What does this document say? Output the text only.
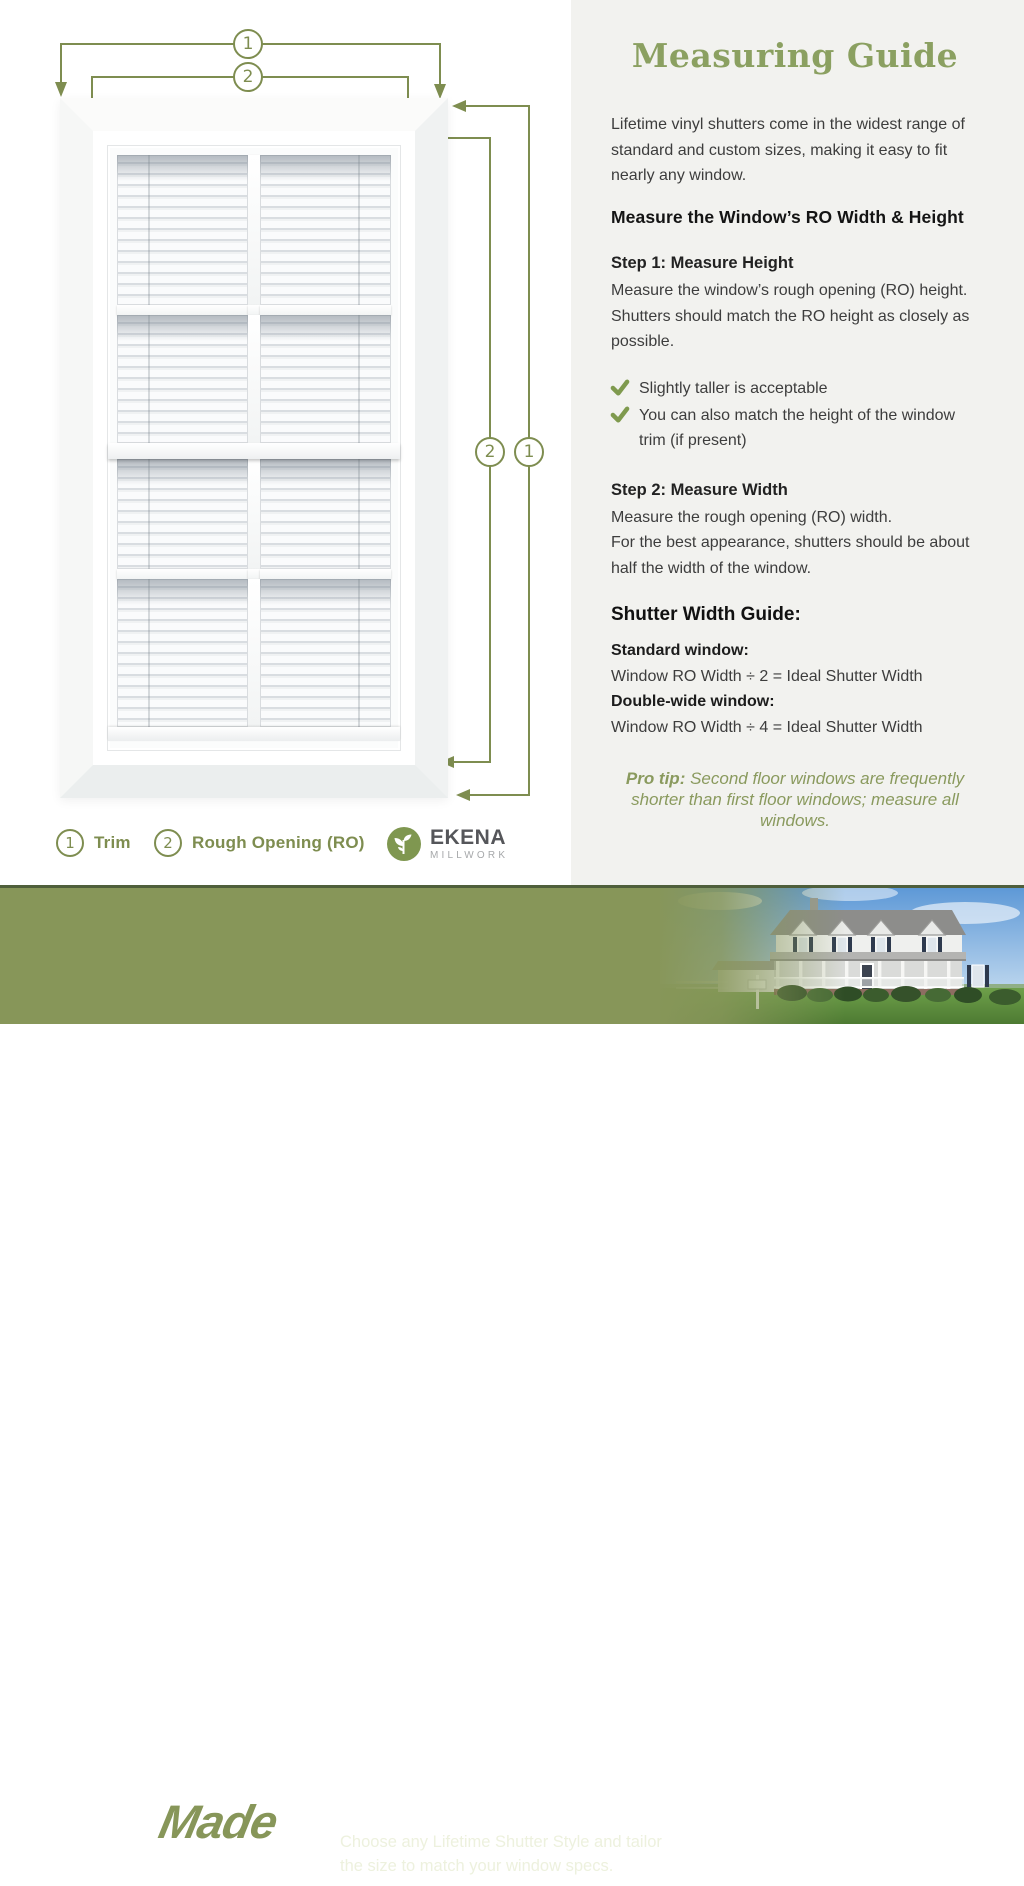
1
2
2 1
1 Trim 2 Rough Opening (RO)	EKENA
MILLWORK
Measuring Guide
Lifetime vinyl shutters come in the widest range of standard and custom sizes, making it easy to fit nearly any window.
Measure the Window’s RO Width & Height
Step 1: Measure Height
Measure the window’s rough opening (RO) height. Shutters should match the RO height as closely as possible.
Slightly taller is acceptable
You can also match the height of the window trim (if present)
Step 2: Measure Width
Measure the rough opening (RO) width.
For the best appearance, shutters should be about half the width of the window.
Shutter Width Guide:
Standard window:
Window RO Width ÷ 2 = Ideal Shutter Width
Double-wide window:
Window RO Width ÷ 4 = Ideal Shutter Width
Pro tip: Second floor windows are frequently shorter than first floor windows; measure all windows.
Tailor Made
Tailored Vinyl Shutters
Do you have a unique window size?
Choose any Lifetime Shutter Style and tailor the size to match your window specs.
